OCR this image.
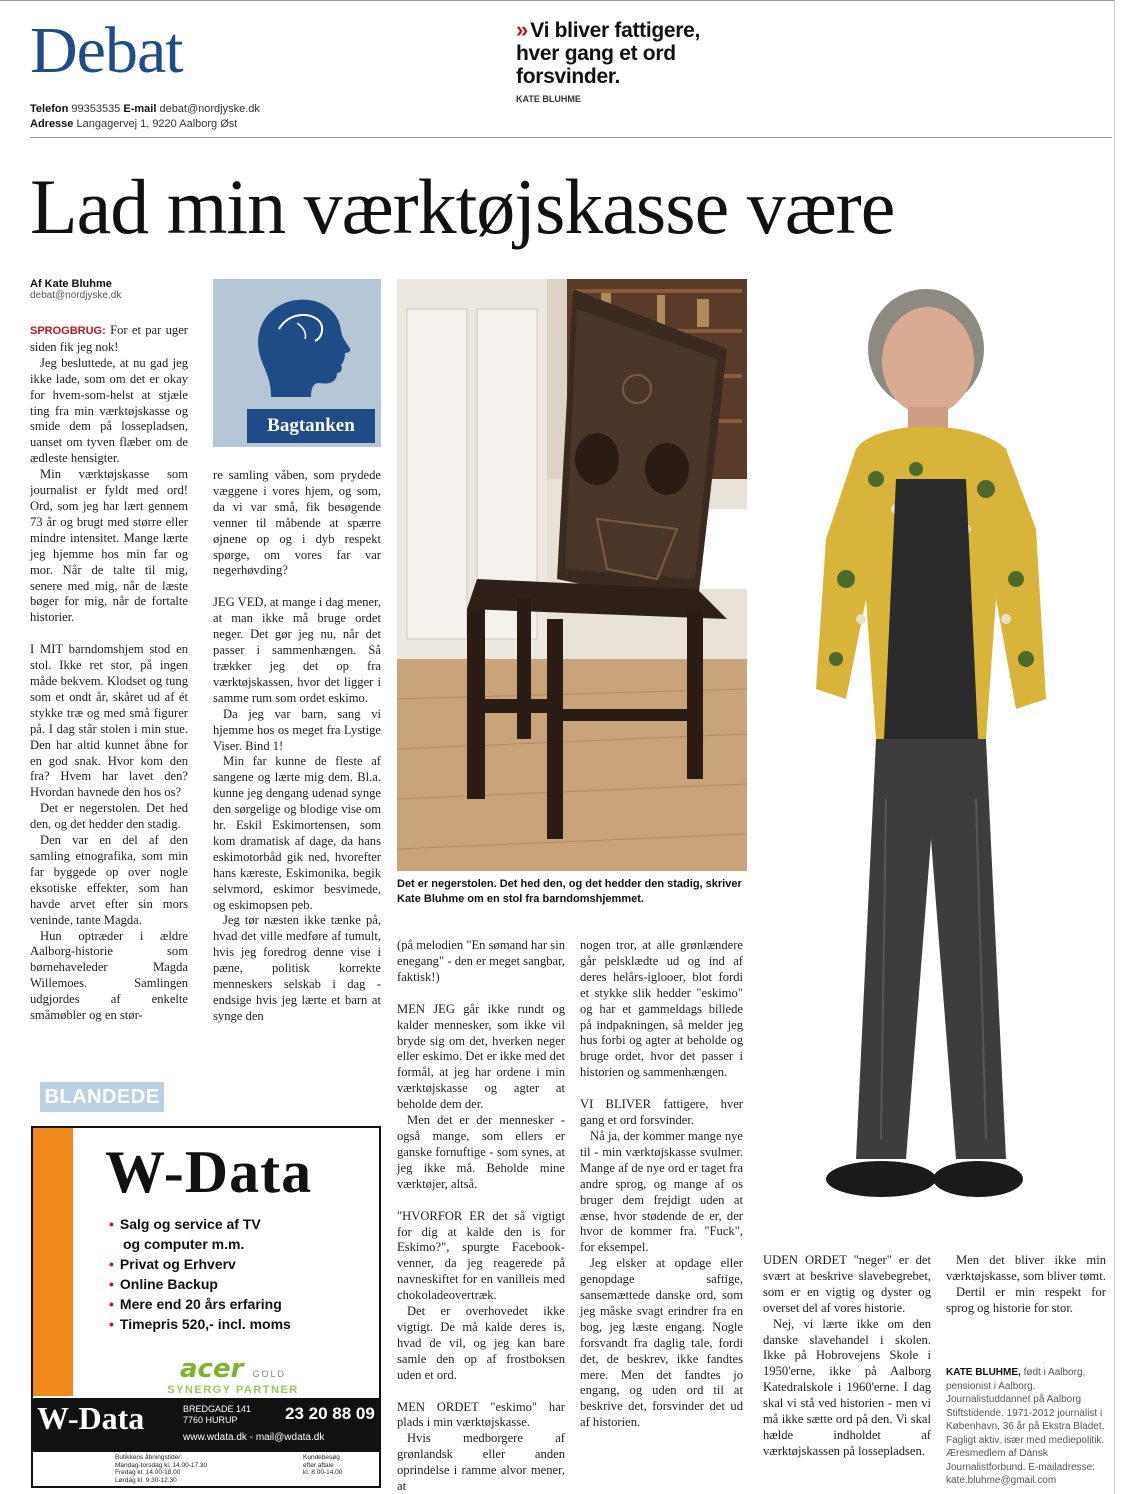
Debat
Telefon 99353535 E-mail debat@nordjyske.dk
Adresse Langagervej 1, 9220 Aalborg Øst
» Vi bliver fattigere,
hver gang et ord
forsvinder.
KATE BLUHME
Lad min værktøjskasse være
Af Kate Bluhme
debat@nordjyske.dk

SPROGBRUG: For et par uger siden fik jeg nok!

Jeg besluttede, at nu gad jeg ikke lade, som om det er okay for hvem-som-helst at stjæle ting fra min værktøjskasse og smide dem på lossepladsen, uanset om tyven flæber om de ædleste hensigter.

Min værktøjskasse som journalist er fyldt med ord! Ord, som jeg har lært gennem 73 år og brugt med større eller mindre intensitet. Mange lærte jeg hjemme hos min far og mor. Når de talte til mig, senere med mig, når de læste bøger for mig, når de fortalte historier.

I MIT barndomshjem stod en stol. Ikke ret stor, på ingen måde bekvem. Klodset og tung som et ondt år, skåret ud af ét stykke træ og med små figurer på. I dag står stolen i min stue. Den har altid kunnet åbne for en god snak. Hvor kom den fra? Hvem har lavet den? Hvordan havnede den hos os?

Det er negerstolen. Det hed den, og det hedder den stadig.

Den var en del af den samling etnografika, som min far byggede op over nogle eksotiske effekter, som han havde arvet efter sin mors veninde, tante Magda.

Hun optræder i ældre Aalborg-historie som børnehaveleder Magda Willemoes. Samlingen udgjordes af enkelte småmøbler og en stør-

Bagtanken

re samling våben, som prydede væggene i vores hjem, og som, da vi var små, fik besøgende venner til måbende at spærre øjnene op og i dyb respekt spørge, om vores far var negerhøvding?

JEG VED, at mange i dag mener, at man ikke må bruge ordet neger. Det gør jeg nu, når det passer i sammenhængen. Så trækker jeg det op fra værktøjskassen, hvor det ligger i samme rum som ordet eskimo.

Da jeg var barn, sang vi hjemme hos os meget fra Lystige Viser. Bind 1!

Min far kunne de fleste af sangene og lærte mig dem. Bl.a. kunne jeg dengang udenad synge den sørgelige og blodige vise om hr. Eskil Eskimortensen, som kom dramatisk af dage, da hans eskimotorbåd gik ned, hvorefter hans kæreste, Eskimonika, begik selvmord, eskimor besvimede, og eskimopsen peb.

Jeg tør næsten ikke tænke på, hvad det ville medføre af tumult, hvis jeg foredrog denne vise i pæne, politisk korrekte menneskers selskab i dag - endsige hvis jeg lærte et barn at synge den

Det er negerstolen. Det hed den, og det hedder den stadig, skriver
Kate Bluhme om en stol fra barndomshjemmet.
BLANDEDE
W-Data
• Salg og service af TV og computer m.m.
• Privat og Erhverv
• Online Backup
• Mere end 20 års erfaring
• Timepris 520,- incl. moms
acer GOLD
SYNERGY PARTNER
W-Data	BREDGADE 141
7760 HURUP	23 20 88 09
www.wdata.dk - mail@wdata.dk
Butikkens åbningstider:
Mandag-torsdag kl. 14.00-17.30
Fredag kl. 14.00-18.00
Lørdag kl. 9.30-12.30
Kundebesøg
efter aftale
kl. 8.00-14.00

(på melodien "En sømand har sin enegang" - den er meget sangbar, faktisk!)

MEN JEG går ikke rundt og kalder mennesker, som ikke vil bryde sig om det, hverken neger eller eskimo. Det er ikke med det formål, at jeg har ordene i min værktøjskasse og agter at beholde dem der.

Men det er der mennesker - også mange, som ellers er ganske fornuftige - som synes, at jeg ikke må. Beholde mine værktøjer, altså.

"HVORFOR ER det så vigtigt for dig at kalde den is for Eskimo?", spurgte Facebook-venner, da jeg reagerede på navneskiftet for en vanilleis med chokoladeovertræk.

Det er overhovedet ikke vigtigt. De må kalde deres is, hvad de vil, og jeg kan bare samle den op af frostboksen uden et ord.

MEN ORDET "eskimo" har plads i min værktøjskasse.

Hvis medborgere af grønlandsk eller anden oprindelse i ramme alvor mener, at

nogen tror, at alle grønlændere går pelsklædte ud og ind af deres helårs-iglooer, blot fordi et stykke slik hedder "eskimo" og har et gammeldags billede på indpakningen, så melder jeg hus forbi og agter at beholde og bruge ordet, hvor det passer i historien og sammenhængen.

VI BLIVER fattigere, hver gang et ord forsvinder.

Nå ja, der kommer mange nye til - min værktøjskasse svulmer. Mange af de nye ord er taget fra andre sprog, og mange af os bruger dem frejdigt uden at ænse, hvor stødende de er, der hvor de kommer fra. "Fuck", for eksempel.

Jeg elsker at opdage eller genopdage saftige, sansemættede danske ord, som jeg måske svagt erindrer fra en bog, jeg læste engang. Nogle forsvandt fra daglig tale, fordi det, de beskrev, ikke fandtes mere. Men det fandtes jo engang, og uden ord til at beskrive det, forsvinder det ud af historien.

UDEN ORDET "neger" er det svært at beskrive slavebegrebet, som er en vigtig og dyster og overset del af vores historie.

Nej, vi lærte ikke om den danske slavehandel i skolen. Ikke på Hobrovejens Skole i 1950'erne, ikke på Aalborg Katedralskole i 1960'erne. I dag skal vi stå ved historien - men vi må ikke sætte ord på den. Vi skal hælde indholdet af værktøjskassen på lossepladsen.

Men det bliver ikke min værktøjskasse, som bliver tømt.

Dertil er min respekt for sprog og historie for stor.

KATE BLUHME, født i Aalborg, pensionist i Aalborg. Journalistuddannet på Aalborg Stiftstidende. 1971-2012 journalist i København, 36 år på Ekstra Bladet. Fagligt aktiv, især med mediepolitik. Æresmedlem af Dansk Journalistforbund. E-mailadresse: kate.bluhme@gmail.com
